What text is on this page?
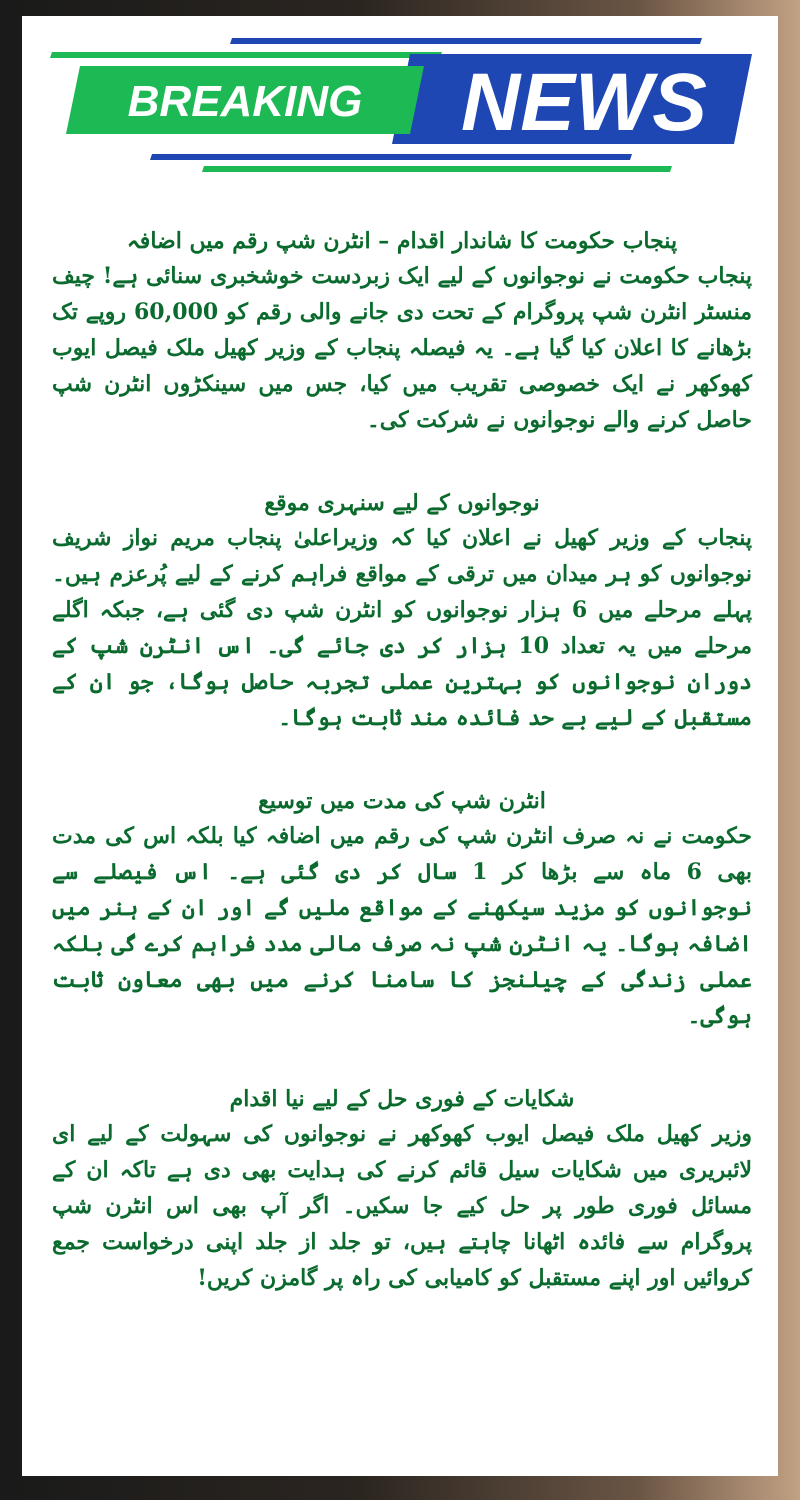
BREAKING NEWS
پنجاب حکومت کا شاندار اقدام – انٹرن شپ رقم میں اضافہ
پنجاب حکومت نے نوجوانوں کے لیے ایک زبردست خوشخبری سنائی ہے! چیف منسٹر انٹرن شپ پروگرام کے تحت دی جانے والی رقم کو 60,000 روپے تک بڑھانے کا اعلان کیا گیا ہے۔ یہ فیصلہ پنجاب کے وزیر کھیل ملک فیصل ایوب کھوکھر نے ایک خصوصی تقریب میں کیا، جس میں سینکڑوں انٹرن شپ حاصل کرنے والے نوجوانوں نے شرکت کی۔
نوجوانوں کے لیے سنہری موقع
پنجاب کے وزیر کھیل نے اعلان کیا کہ وزیراعلیٰ پنجاب مریم نواز شریف نوجوانوں کو ہر میدان میں ترقی کے مواقع فراہم کرنے کے لیے پُرعزم ہیں۔ پہلے مرحلے میں 6 ہزار نوجوانوں کو انٹرن شپ دی گئی ہے، جبکہ اگلے مرحلے میں یہ تعداد 10 ہزار کر دی جائے گی۔ اس انٹرن شپ کے دوران نوجوانوں کو بہترین عملی تجربہ حاصل ہوگا، جو ان کے مستقبل کے لیے بے حد فائدہ مند ثابت ہوگا۔
انٹرن شپ کی مدت میں توسیع
حکومت نے نہ صرف انٹرن شپ کی رقم میں اضافہ کیا بلکہ اس کی مدت بھی 6 ماہ سے بڑھا کر 1 سال کر دی گئی ہے۔ اس فیصلے سے نوجوانوں کو مزید سیکھنے کے مواقع ملیں گے اور ان کے ہنر میں اضافہ ہوگا۔ یہ انٹرن شپ نہ صرف مالی مدد فراہم کرے گی بلکہ عملی زندگی کے چیلنجز کا سامنا کرنے میں بھی معاون ثابت ہوگی۔
شکایات کے فوری حل کے لیے نیا اقدام
وزیر کھیل ملک فیصل ایوب کھوکھر نے نوجوانوں کی سہولت کے لیے ای لائبریری میں شکایات سیل قائم کرنے کی ہدایت بھی دی ہے تاکہ ان کے مسائل فوری طور پر حل کیے جا سکیں۔ اگر آپ بھی اس انٹرن شپ پروگرام سے فائدہ اٹھانا چاہتے ہیں، تو جلد از جلد اپنی درخواست جمع کروائیں اور اپنے مستقبل کو کامیابی کی راہ پر گامزن کریں!
